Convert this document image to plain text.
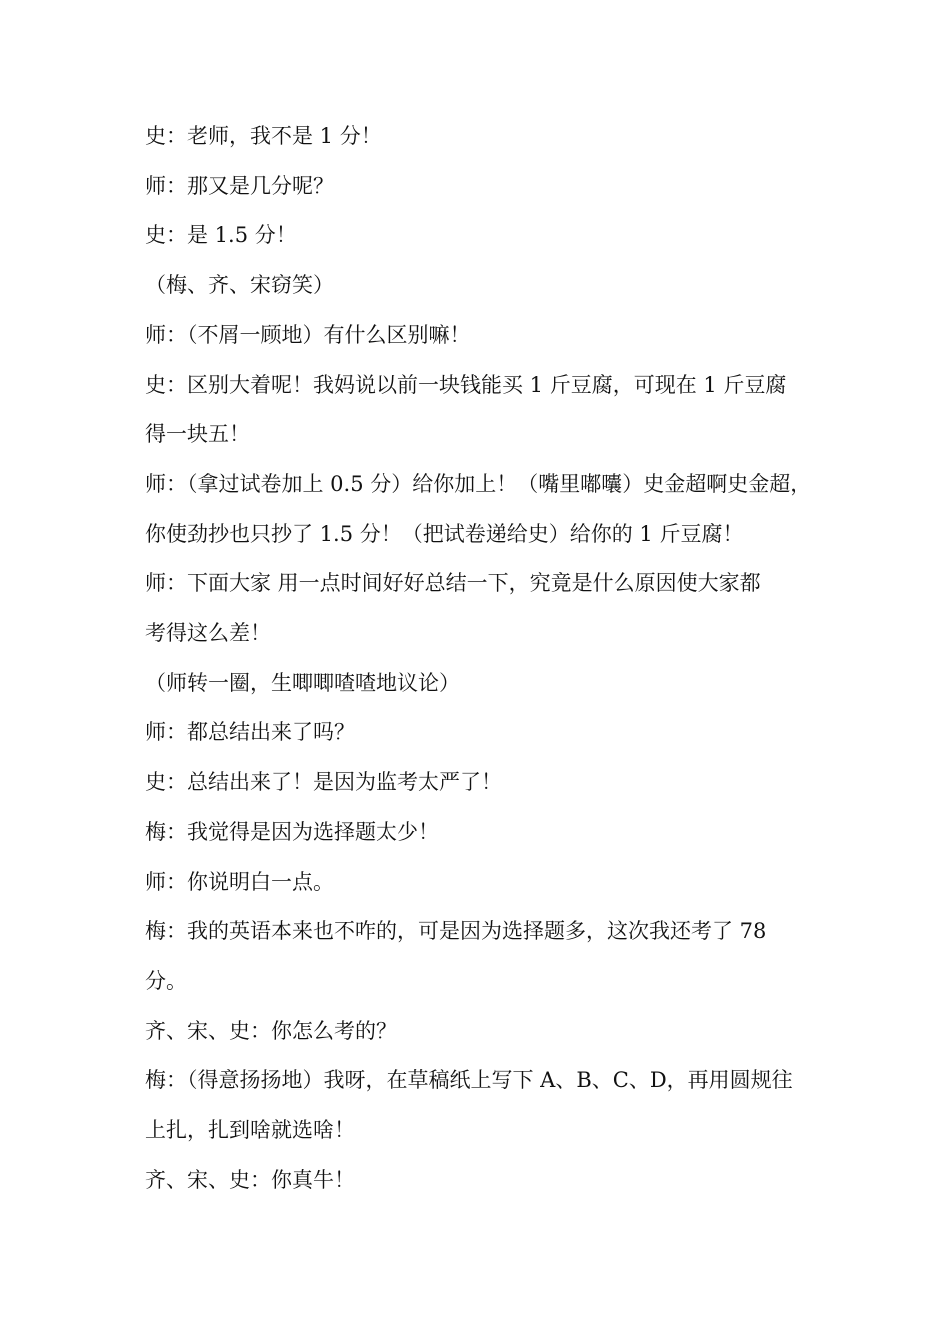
史：老师，我不是 1 分！

师：那又是几分呢？

史：是 1.5 分！

（梅、齐、宋窃笑）

师：（不屑一顾地）有什么区别嘛！

史：区别大着呢！我妈说以前一块钱能买 1 斤豆腐，可现在 1 斤豆腐

得一块五！

师：（拿过试卷加上 0.5 分）给你加上！（嘴里嘟囔）史金超啊史金超，

你使劲抄也只抄了 1.5 分！（把试卷递给史）给你的 1 斤豆腐！

师：下面大家 用一点时间好好总结一下，究竟是什么原因使大家都

考得这么差！

（师转一圈，生唧唧喳喳地议论）

师：都总结出来了吗？

史：总结出来了！是因为监考太严了！

梅：我觉得是因为选择题太少！

师：你说明白一点。

梅：我的英语本来也不咋的，可是因为选择题多，这次我还考了 78

分。

齐、宋、史：你怎么考的？

梅：（得意扬扬地）我呀，在草稿纸上写下 A、B、C、D，再用圆规往

上扎，扎到啥就选啥！

齐、宋、史：你真牛！
